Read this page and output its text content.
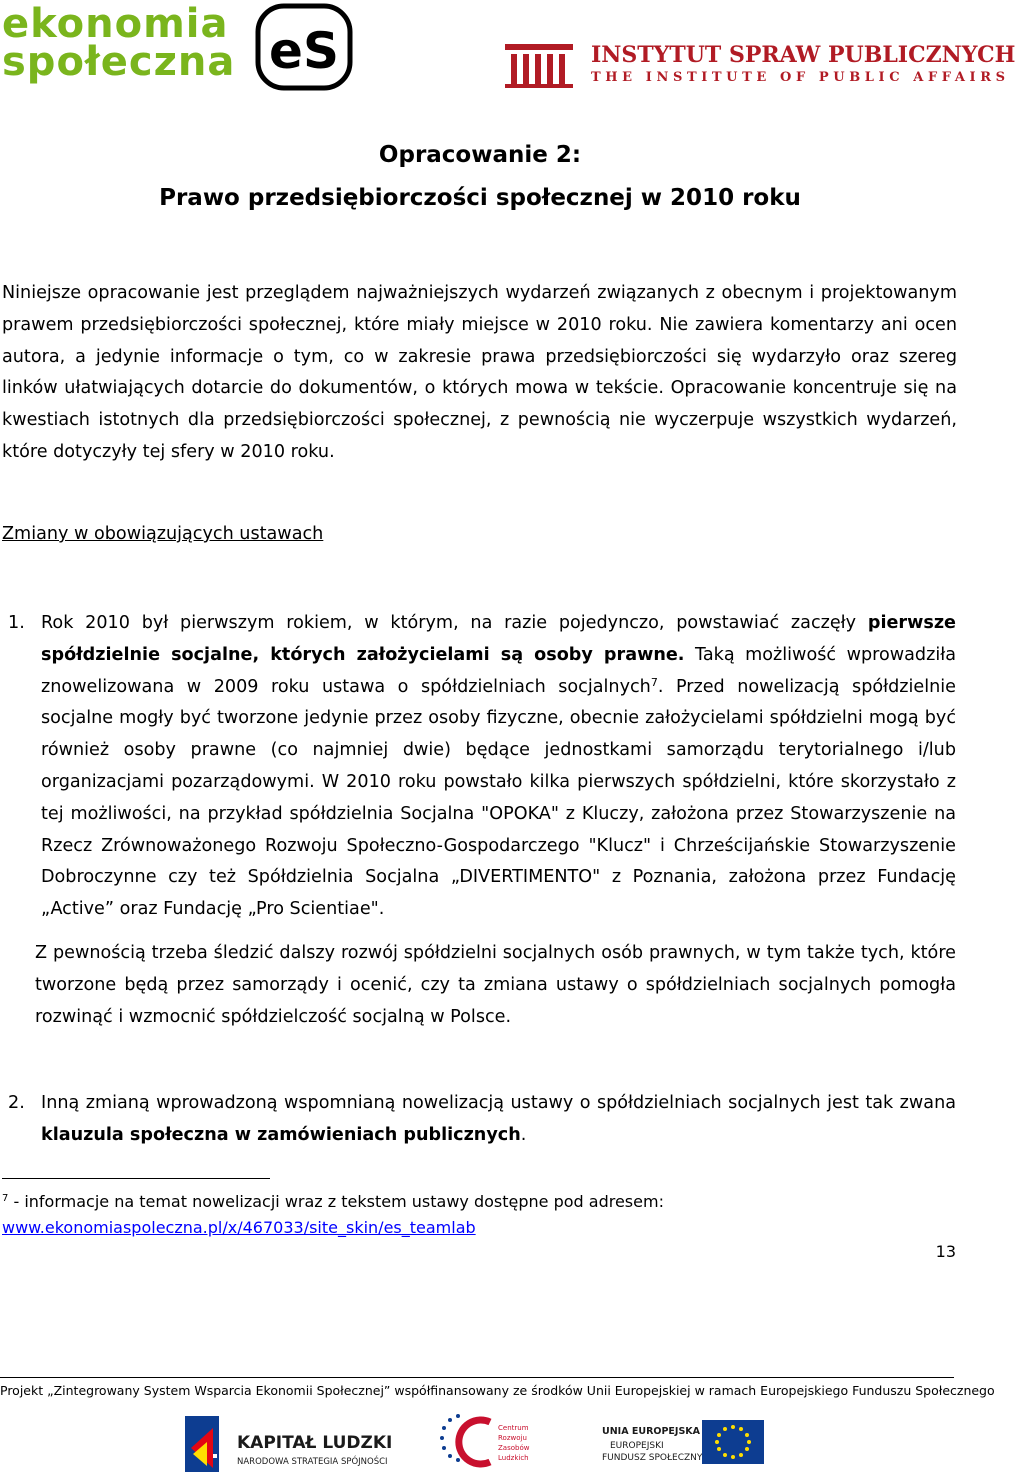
ekonomia
społeczna eS	INSTYTUT SPRAW PUBLICZNYCH
THE INSTITUTE OF PUBLIC AFFAIRS
Opracowanie 2:
Prawo przedsiębiorczości społecznej w 2010 roku

Niniejsze opracowanie jest przeglądem najważniejszych wydarzeń związanych z obecnym i projektowanym prawem przedsiębiorczości społecznej, które miały miejsce w 2010 roku. Nie zawiera komentarzy ani ocen autora, a jedynie informacje o tym, co w zakresie prawa przedsiębiorczości się wydarzyło oraz szereg linków ułatwiających dotarcie do dokumentów, o których mowa w tekście. Opracowanie koncentruje się na kwestiach istotnych dla przedsiębiorczości społecznej, z pewnością nie wyczerpuje wszystkich wydarzeń, które dotyczyły tej sfery w 2010 roku.

Zmiany w obowiązujących ustawach
1. Rok 2010 był pierwszym rokiem, w którym, na razie pojedynczo, powstawiać zaczęły pierwsze spółdzielnie socjalne, których założycielami są osoby prawne. Taką możliwość wprowadziła znowelizowana w 2009 roku ustawa o spółdzielniach socjalnych$^7$. Przed nowelizacją spółdzielnie socjalne mogły być tworzone jedynie przez osoby fizyczne, obecnie założycielami spółdzielni mogą być również osoby prawne (co najmniej dwie) będące jednostkami samorządu terytorialnego i/lub organizacjami pozarządowymi. W 2010 roku powstało kilka pierwszych spółdzielni, które skorzystało z tej możliwości, na przykład spółdzielnia Socjalna "OPOKA" z Kluczy, założona przez Stowarzyszenie na Rzecz Zrównoważonego Rozwoju Społeczno-Gospodarczego "Klucz" i Chrześcijańskie Stowarzyszenie Dobroczynne czy też Spółdzielnia Socjalna „DIVERTIMENTO" z Poznania, założona przez Fundację „Active” oraz Fundację „Pro Scientiae".

Z pewnością trzeba śledzić dalszy rozwój spółdzielni socjalnych osób prawnych, w tym także tych, które tworzone będą przez samorządy i ocenić, czy ta zmiana ustawy o spółdzielniach socjalnych pomogła rozwinąć i wzmocnić spółdzielczość socjalną w Polsce.

2. Inną zmianą wprowadzoną wspomnianą nowelizacją ustawy o spółdzielniach socjalnych jest tak zwana klauzula społeczna w zamówieniach publicznych.

$^7$ - informacje na temat nowelizacji wraz z tekstem ustawy dostępne pod adresem:
www.ekonomiaspoleczna.pl/x/467033/site_skin/es_teamlab
13
Projekt „Zintegrowany System Wsparcia Ekonomii Społecznej” współfinansowany ze środków Unii Europejskiej w ramach Europejskiego Funduszu Społecznego
KAPITAŁ LUDZKI
NARODOWA STRATEGIA SPÓJNOŚCI
Centrum
Rozwoju
Zasobów
Ludzkich
UNIA EUROPEJSKA
EUROPEJSKI
FUNDUSZ SPOŁECZNY
